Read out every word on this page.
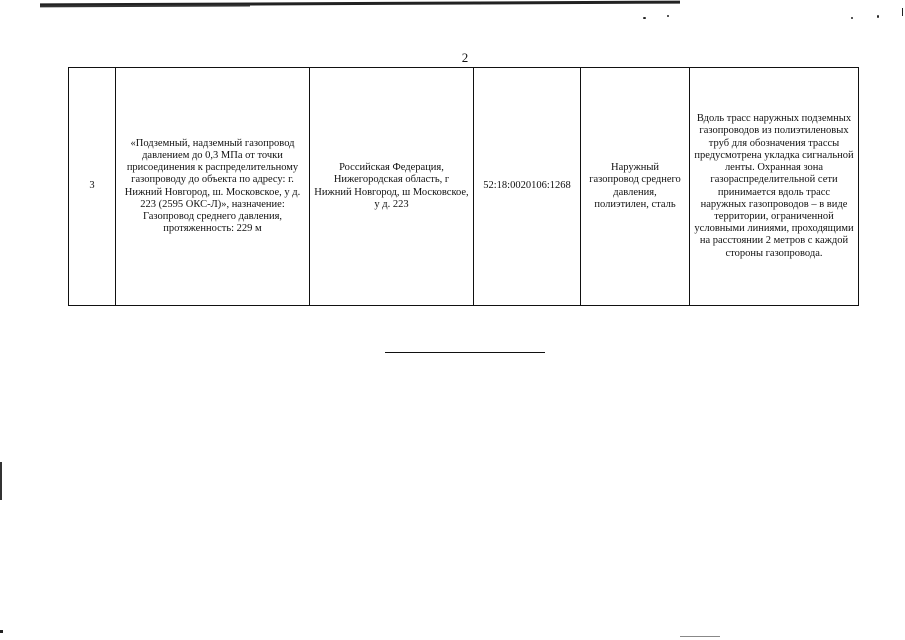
2
3	«Подземный, надземный газопровод давлением до 0,3 МПа от точки присоединения к распределительному газопроводу до объекта по адресу: г. Нижний Новгород, ш. Московское, у д. 223 (2595 ОКС-Л)», назначение: Газопровод среднего давления, протяженность: 229 м	Российская Федерация, Нижегородская область, г Нижний Новгород, ш Московское, у д. 223	52:18:0020106:1268	Наружный газопровод среднего давления, полиэтилен, сталь	Вдоль трасс наружных подземных газопроводов из полиэтиленовых труб для обозначения трассы предусмотрена укладка сигнальной ленты. Охранная зона газораспределительной сети принимается вдоль трасс наружных газопроводов – в виде территории, ограниченной условными линиями, проходящими на расстоянии 2 метров с каждой стороны газопровода.
